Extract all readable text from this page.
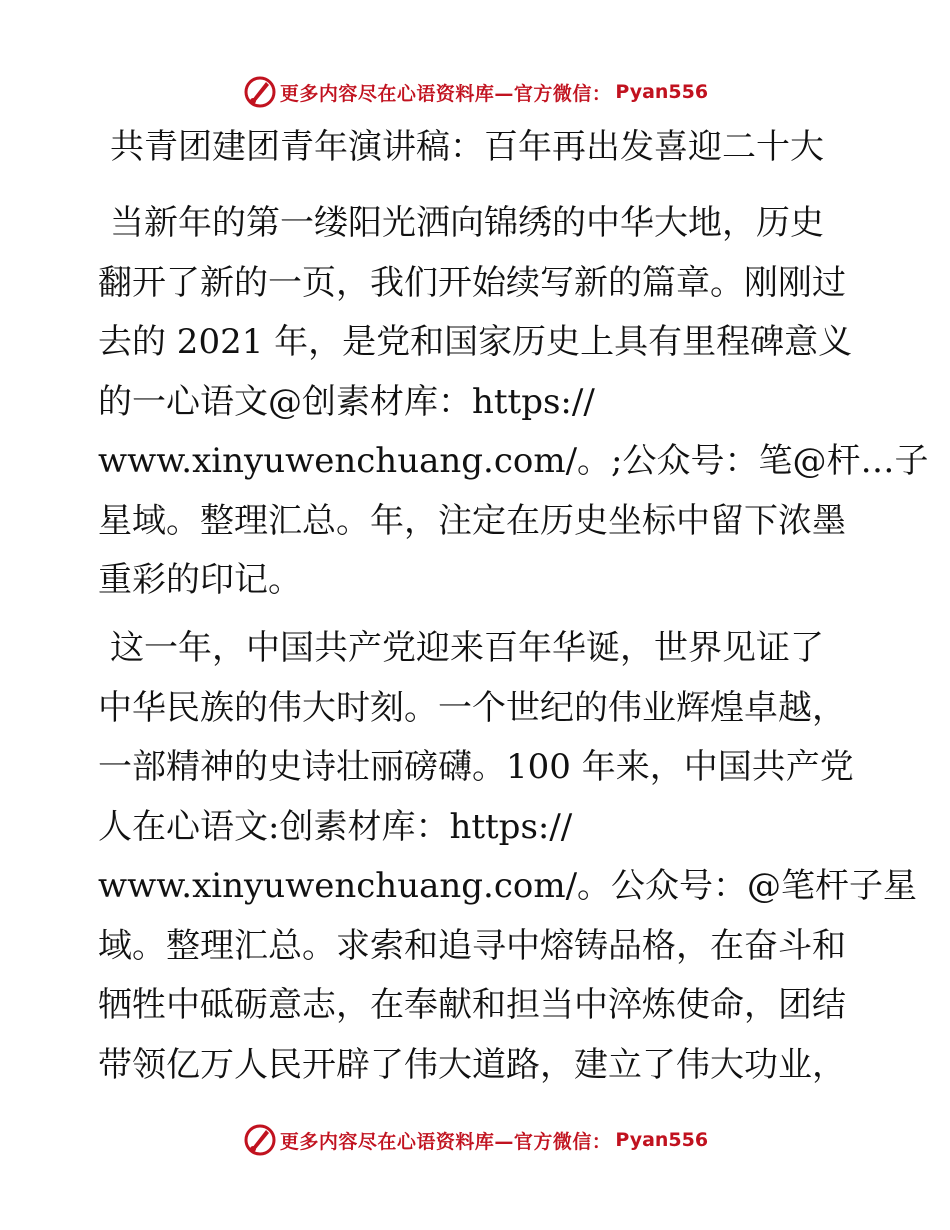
更多内容尽在心语资料库—官方微信： Pyan556
共青团建团青年演讲稿：百年再出发喜迎二十大
当新年的第一缕阳光洒向锦绣的中华大地，历史
翻开了新的一页，我们开始续写新的篇章。刚刚过
去的 2021 年，是党和国家历史上具有里程碑意义
的一心语文@创素材库：https://
www.xinyuwenchuang.com/。;公众号：笔@杆…子
星域。整理汇总。年，注定在历史坐标中留下浓墨
重彩的印记。
这一年，中国共产党迎来百年华诞，世界见证了
中华民族的伟大时刻。一个世纪的伟业辉煌卓越，
一部精神的史诗壮丽磅礴。100 年来，中国共产党
人在心语文:创素材库：https://
www.xinyuwenchuang.com/。公众号：@笔杆子星
域。整理汇总。求索和追寻中熔铸品格，在奋斗和
牺牲中砥砺意志，在奉献和担当中淬炼使命，团结
带领亿万人民开辟了伟大道路，建立了伟大功业，
更多内容尽在心语资料库—官方微信： Pyan556
